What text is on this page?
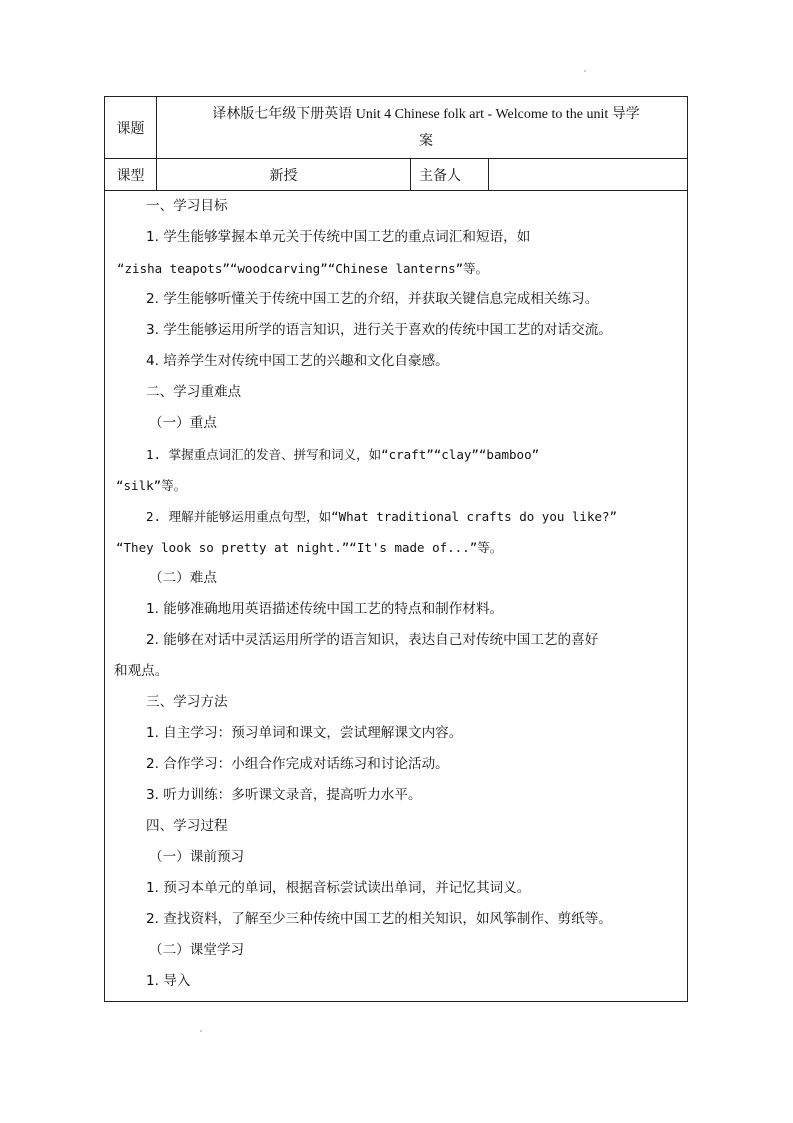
课题
译林版七年级下册英语 Unit 4 Chinese folk art - Welcome to the unit 导学
案
课型	新授	主备人
一、学习目标
1. 学生能够掌握本单元关于传统中国工艺的重点词汇和短语，如
“zisha teapots”“woodcarving”“Chinese lanterns”等。
2. 学生能够听懂关于传统中国工艺的介绍，并获取关键信息完成相关练习。
3. 学生能够运用所学的语言知识，进行关于喜欢的传统中国工艺的对话交流。
4. 培养学生对传统中国工艺的兴趣和文化自豪感。
二、学习重难点
（一）重点
1. 掌握重点词汇的发音、拼写和词义，如“craft”“clay”“bamboo”
“silk”等。
2. 理解并能够运用重点句型，如“What traditional crafts do you like?”
“They look so pretty at night.”“It's made of...”等。
（二）难点
1. 能够准确地用英语描述传统中国工艺的特点和制作材料。
2. 能够在对话中灵活运用所学的语言知识，表达自己对传统中国工艺的喜好
和观点。
三、学习方法
1. 自主学习：预习单词和课文，尝试理解课文内容。
2. 合作学习：小组合作完成对话练习和讨论活动。
3. 听力训练：多听课文录音，提高听力水平。
四、学习过程
（一）课前预习
1. 预习本单元的单词，根据音标尝试读出单词，并记忆其词义。
2. 查找资料，了解至少三种传统中国工艺的相关知识，如风筝制作、剪纸等。
（二）课堂学习
1. 导入
